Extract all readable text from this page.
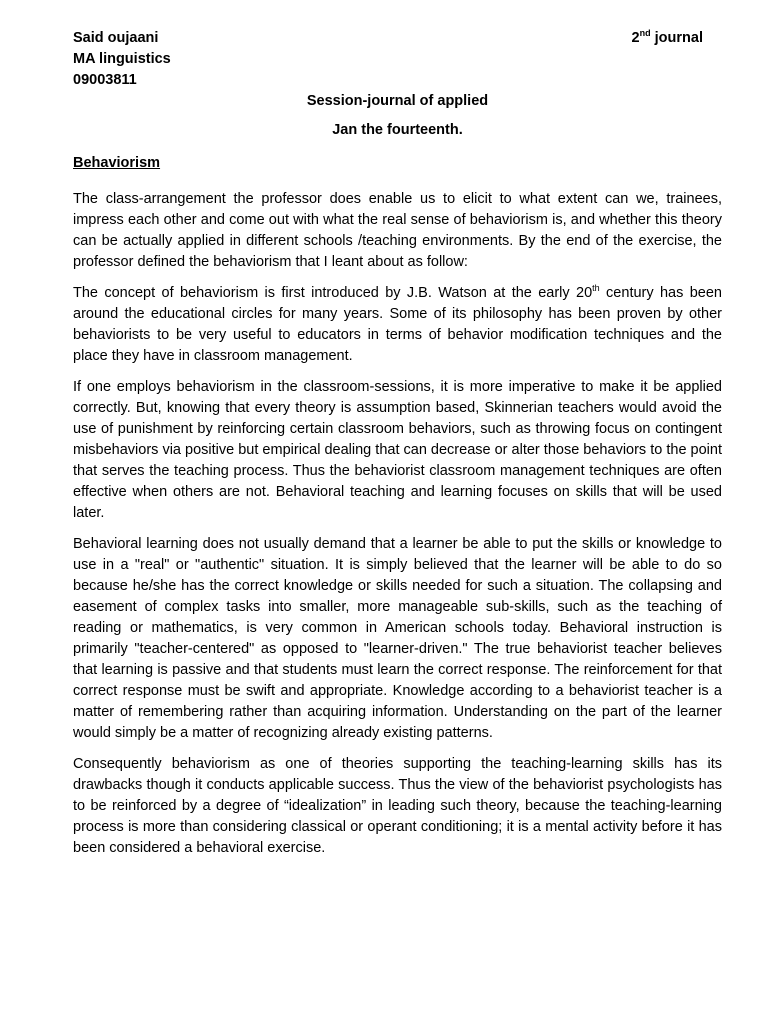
Said oujaani
MA linguistics
09003811
2nd journal
Session-journal of applied
Jan the fourteenth.
Behaviorism

The class-arrangement the professor does enable us to elicit to what extent can we, trainees, impress each other and come out with what the real sense of behaviorism is, and whether this theory can be actually applied in different schools /teaching environments. By the end of the exercise, the professor defined the behaviorism that I leant about as follow:

The concept of behaviorism is first introduced by J.B. Watson at the early 20th century has been around the educational circles for many years. Some of its philosophy has been proven by other behaviorists to be very useful to educators in terms of behavior modification techniques and the place they have in classroom management.

If one employs behaviorism in the classroom-sessions, it is more imperative to make it be applied correctly. But, knowing that every theory is assumption based, Skinnerian teachers would avoid the use of punishment by reinforcing certain classroom behaviors, such as throwing focus on contingent misbehaviors via positive but empirical dealing that can decrease or alter those behaviors to the point that serves the teaching process. Thus the behaviorist classroom management techniques are often effective when others are not. Behavioral teaching and learning focuses on skills that will be used later.

Behavioral learning does not usually demand that a learner be able to put the skills or knowledge to use in a "real" or "authentic" situation. It is simply believed that the learner will be able to do so because he/she has the correct knowledge or skills needed for such a situation. The collapsing and easement of complex tasks into smaller, more manageable sub-skills, such as the teaching of reading or mathematics, is very common in American schools today. Behavioral instruction is primarily "teacher-centered" as opposed to "learner-driven." The true behaviorist teacher believes that learning is passive and that students must learn the correct response. The reinforcement for that correct response must be swift and appropriate. Knowledge according to a behaviorist teacher is a matter of remembering rather than acquiring information. Understanding on the part of the learner would simply be a matter of recognizing already existing patterns.

Consequently behaviorism as one of theories supporting the teaching-learning skills has its drawbacks though it conducts applicable success. Thus the view of the behaviorist psychologists has to be reinforced by a degree of “idealization” in leading such theory, because the teaching-learning process is more than considering classical or operant conditioning; it is a mental activity before it has been considered a behavioral exercise.
